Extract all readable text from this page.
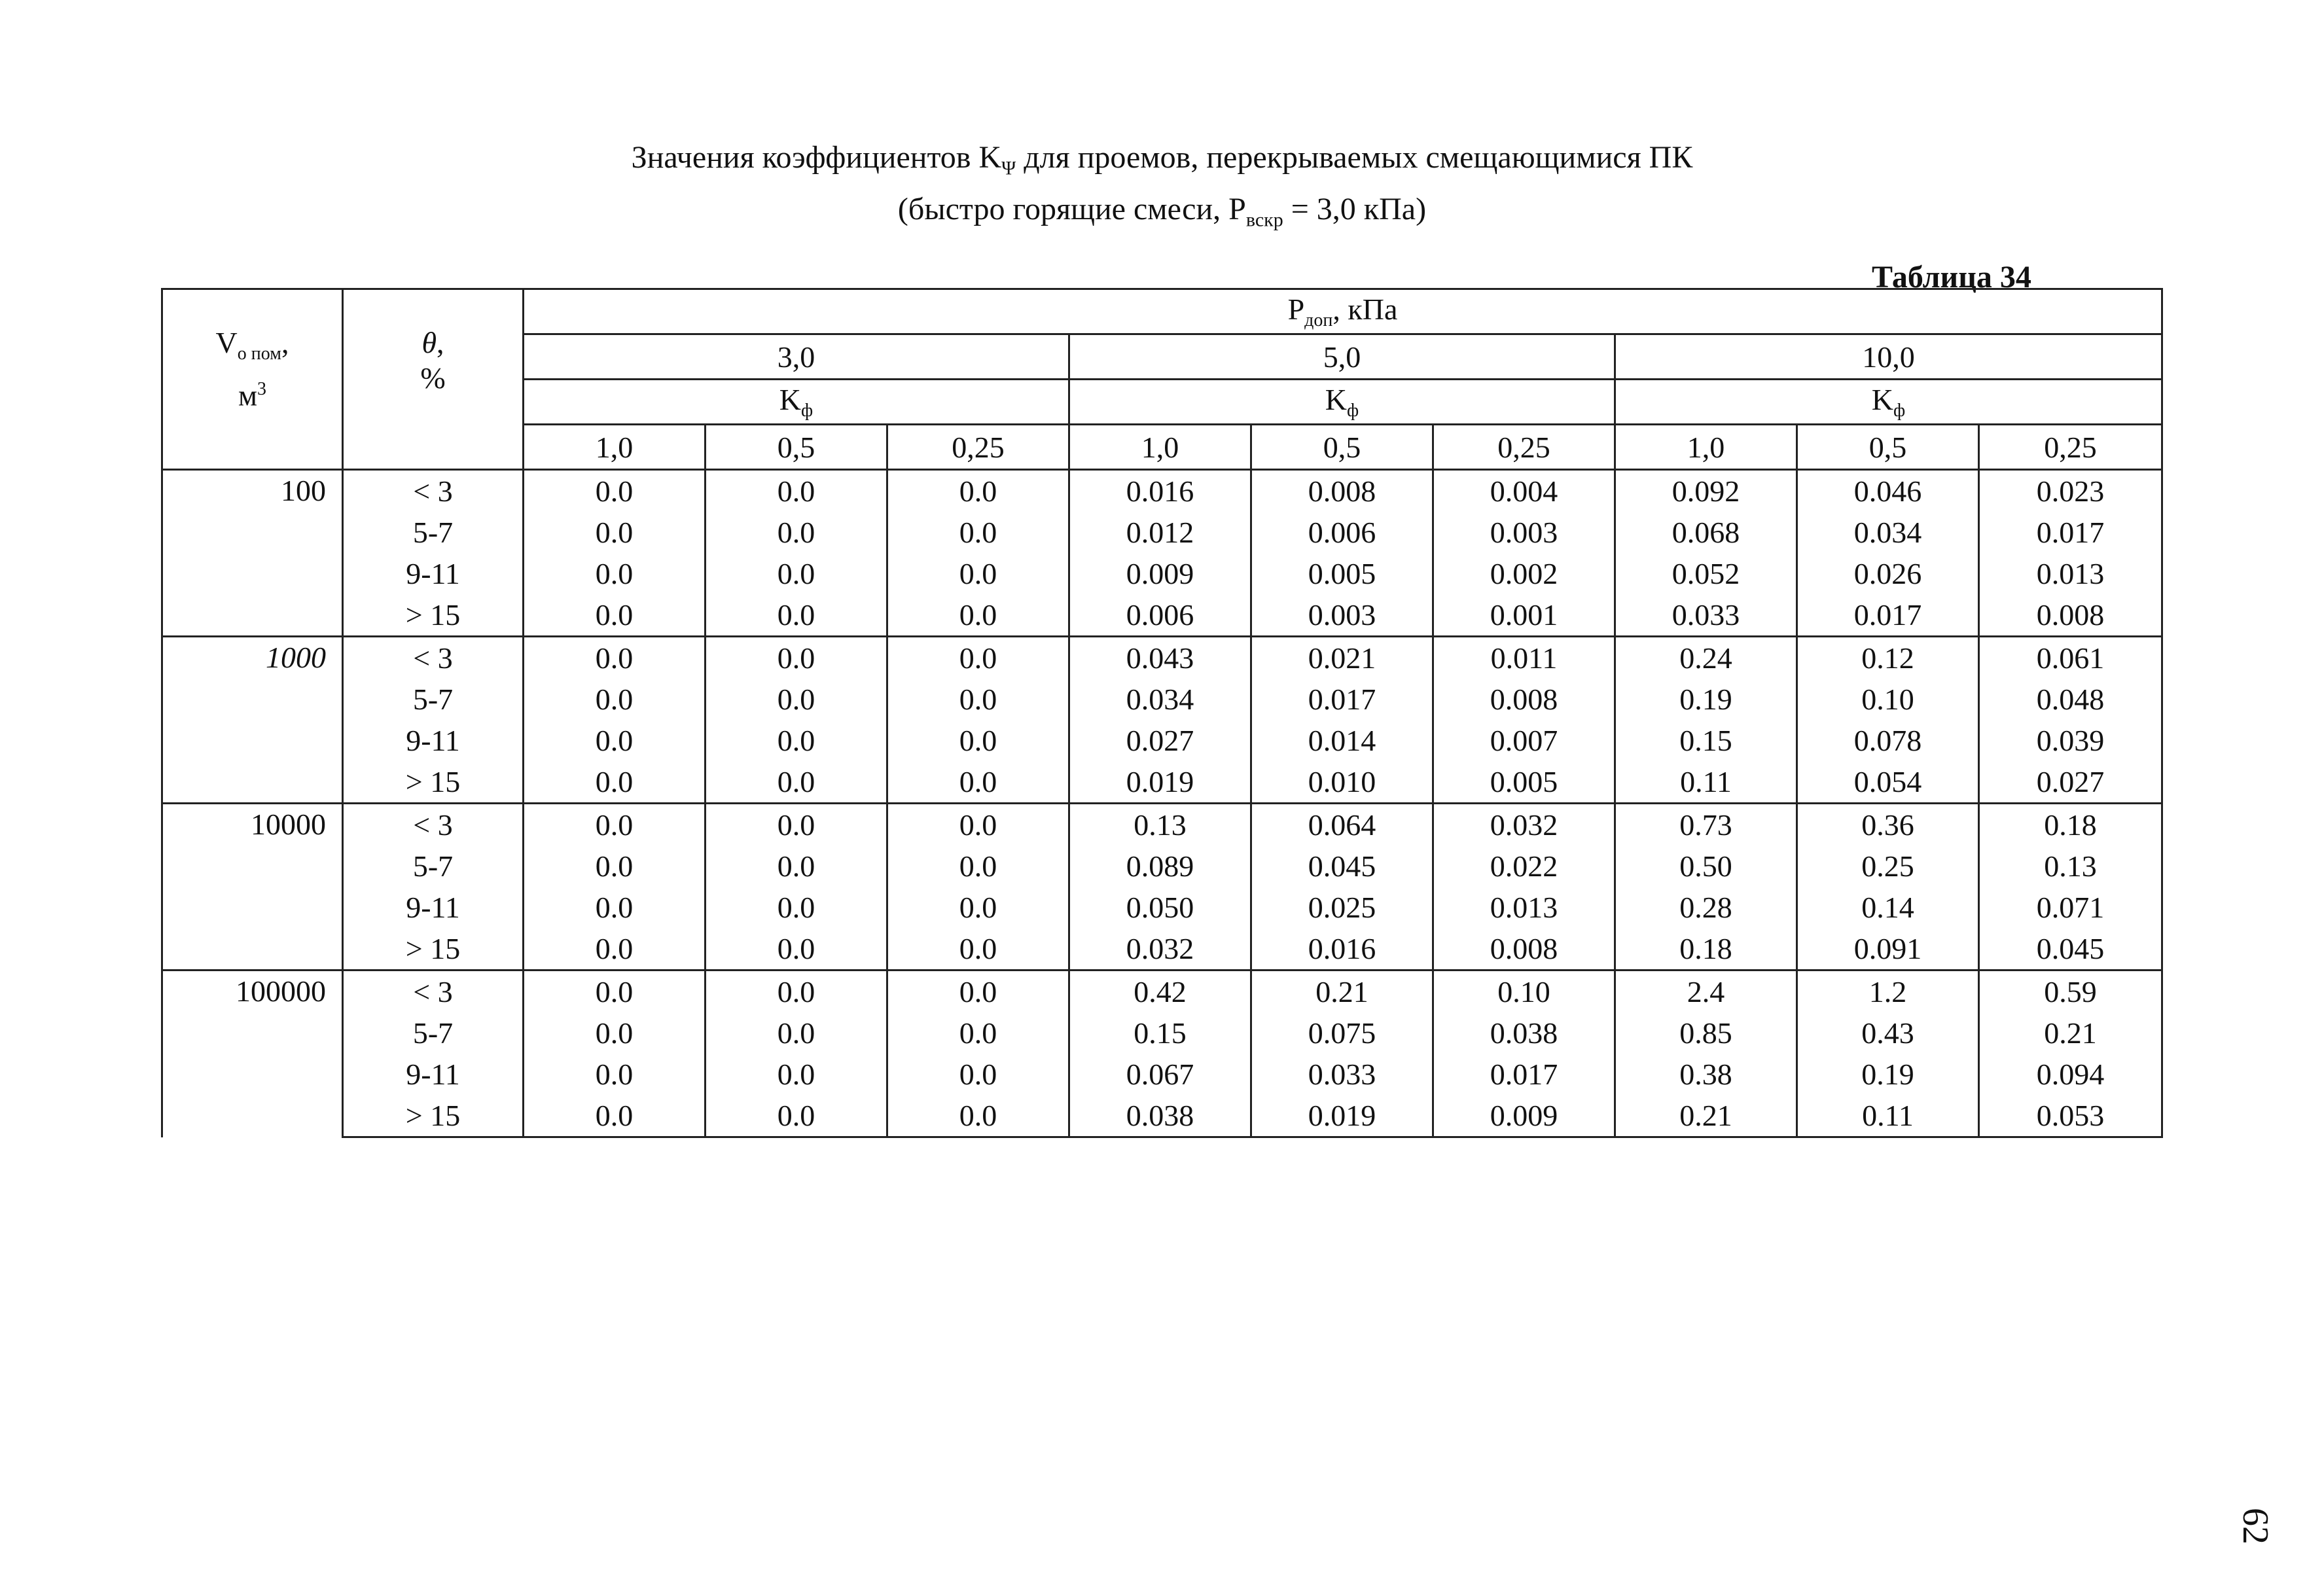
Значения коэффициентов $K_\Psi$ для проемов, перекрываемых смещающимися ПК
(быстро горящие смеси, $P_{вскр} = 3,0$ кПа)
Таблица 34
$V_{о пом}$,
$м^3$	θ,
%	$P_{доп}$, кПа								
		3,0			5,0			10,0		
		$K_ф$			$K_ф$			$K_ф$
		1,0	0,5	0,25	1,0	0,5	0,25	1,0	0,5	0,25
100	< 3	0.0	0.0	0.0	0.016	0.008	0.004	0.092	0.046	0.023
	5-7	0.0	0.0	0.0	0.012	0.006	0.003	0.068	0.034	0.017
	9-11	0.0	0.0	0.0	0.009	0.005	0.002	0.052	0.026	0.013
	> 15	0.0	0.0	0.0	0.006	0.003	0.001	0.033	0.017	0.008
1000	< 3	0.0	0.0	0.0	0.043	0.021	0.011	0.24	0.12	0.061
	5-7	0.0	0.0	0.0	0.034	0.017	0.008	0.19	0.10	0.048
	9-11	0.0	0.0	0.0	0.027	0.014	0.007	0.15	0.078	0.039
	> 15	0.0	0.0	0.0	0.019	0.010	0.005	0.11	0.054	0.027
10000	< 3	0.0	0.0	0.0	0.13	0.064	0.032	0.73	0.36	0.18
	5-7	0.0	0.0	0.0	0.089	0.045	0.022	0.50	0.25	0.13
	9-11	0.0	0.0	0.0	0.050	0.025	0.013	0.28	0.14	0.071
	> 15	0.0	0.0	0.0	0.032	0.016	0.008	0.18	0.091	0.045
100000	< 3	0.0	0.0	0.0	0.42	0.21	0.10	2.4	1.2	0.59
	5-7	0.0	0.0	0.0	0.15	0.075	0.038	0.85	0.43	0.21
	9-11	0.0	0.0	0.0	0.067	0.033	0.017	0.38	0.19	0.094
	> 15	0.0	0.0	0.0	0.038	0.019	0.009	0.21	0.11	0.053
62
